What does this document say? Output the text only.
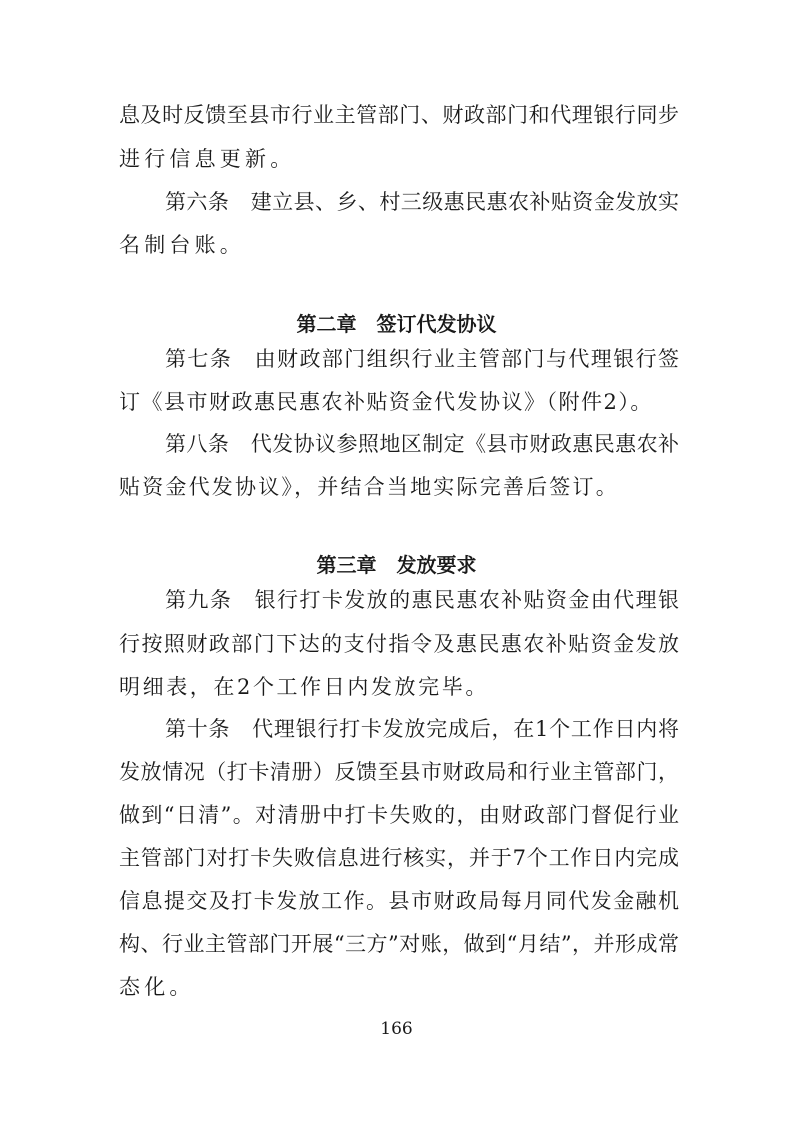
息及时反馈至县市行业主管部门、财政部门和代理银行同步
进行信息更新。
第六条　建立县、乡、村三级惠民惠农补贴资金发放实
名制台账。
第二章　签订代发协议
第七条　由财政部门组织行业主管部门与代理银行签
订《县市财政惠民惠农补贴资金代发协议》（附件2）。
第八条　代发协议参照地区制定《县市财政惠民惠农补
贴资金代发协议》，并结合当地实际完善后签订。
第三章　发放要求
第九条　银行打卡发放的惠民惠农补贴资金由代理银
行按照财政部门下达的支付指令及惠民惠农补贴资金发放
明细表，在2个工作日内发放完毕。
第十条　代理银行打卡发放完成后，在1个工作日内将
发放情况（打卡清册）反馈至县市财政局和行业主管部门，
做到“日清”。对清册中打卡失败的，由财政部门督促行业
主管部门对打卡失败信息进行核实，并于7个工作日内完成
信息提交及打卡发放工作。县市财政局每月同代发金融机
构、行业主管部门开展“三方”对账，做到“月结”，并形成常
态化。
166
